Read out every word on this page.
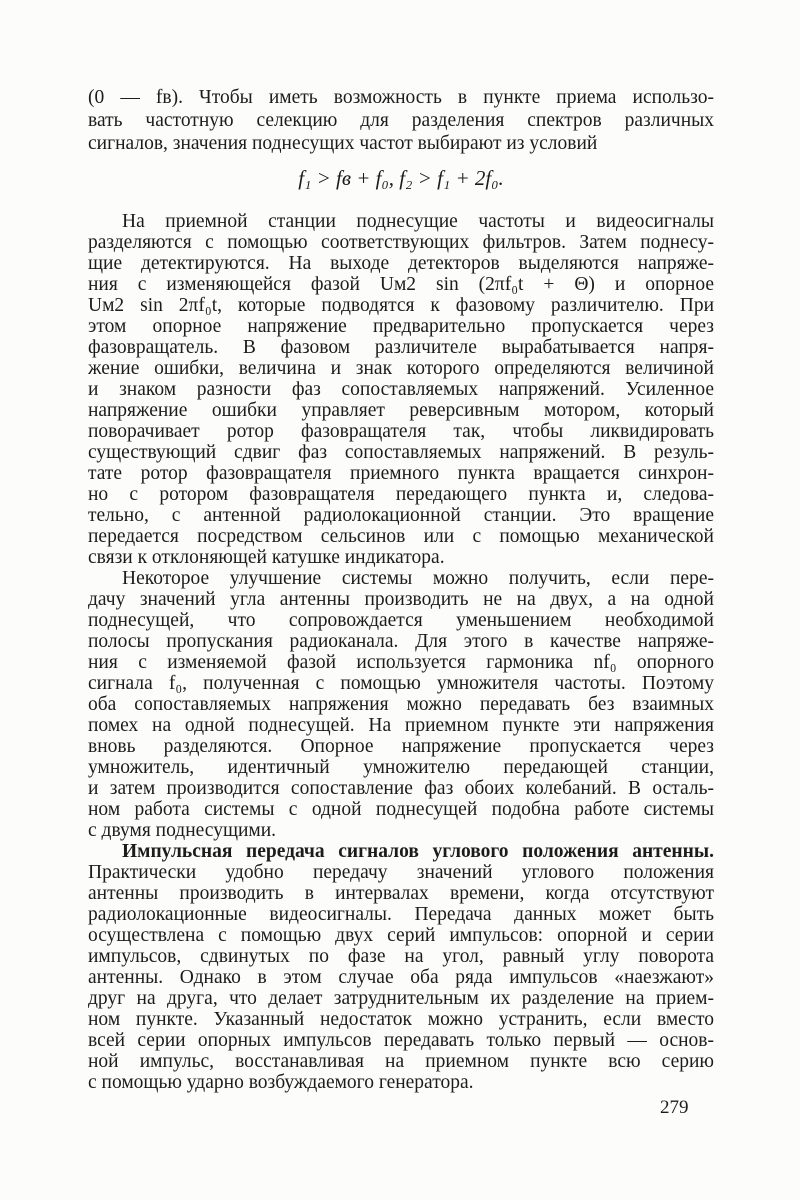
(0 — fв). Чтобы иметь возможность в пункте приема использо-
вать частотную селекцию для разделения спектров различных
сигналов, значения поднесущих частот выбирают из условий
f₁ > fв + f₀, f₂ > f₁ + 2f₀.
На приемной станции поднесущие частоты и видеосигналы
разделяются с помощью соответствующих фильтров. Затем поднесу-
щие детектируются. На выходе детекторов выделяются напряже-
ния с изменяющейся фазой Uм2 sin (2πf₀t + Θ) и опорное
Uм2 sin 2πf₀t, которые подводятся к фазовому различителю. При
этом опорное напряжение предварительно пропускается через
фазовращатель. В фазовом различителе вырабатывается напря-
жение ошибки, величина и знак которого определяются величиной
и знаком разности фаз сопоставляемых напряжений. Усиленное
напряжение ошибки управляет реверсивным мотором, который
поворачивает ротор фазовращателя так, чтобы ликвидировать
существующий сдвиг фаз сопоставляемых напряжений. В резуль-
тате ротор фазовращателя приемного пункта вращается синхрон-
но с ротором фазовращателя передающего пункта и, следова-
тельно, с антенной радиолокационной станции. Это вращение
передается посредством сельсинов или с помощью механической
связи к отклоняющей катушке индикатора.
Некоторое улучшение системы можно получить, если пере-
дачу значений угла антенны производить не на двух, а на одной
поднесущей, что сопровождается уменьшением необходимой
полосы пропускания радиоканала. Для этого в качестве напряже-
ния с изменяемой фазой используется гармоника nf₀ опорного
сигнала f₀, полученная с помощью умножителя частоты. Поэтому
оба сопоставляемых напряжения можно передавать без взаимных
помех на одной поднесущей. На приемном пункте эти напряжения
вновь разделяются. Опорное напряжение пропускается через
умножитель, идентичный умножителю передающей станции,
и затем производится сопоставление фаз обоих колебаний. В осталь-
ном работа системы с одной поднесущей подобна работе системы
с двумя поднесущими.
Импульсная передача сигналов углового положения антенны.
Практически удобно передачу значений углового положения
антенны производить в интервалах времени, когда отсутствуют
радиолокационные видеосигналы. Передача данных может быть
осуществлена с помощью двух серий импульсов: опорной и серии
импульсов, сдвинутых по фазе на угол, равный углу поворота
антенны. Однако в этом случае оба ряда импульсов «наезжают»
друг на друга, что делает затруднительным их разделение на прием-
ном пункте. Указанный недостаток можно устранить, если вместо
всей серии опорных импульсов передавать только первый — основ-
ной импульс, восстанавливая на приемном пункте всю серию
с помощью ударно возбуждаемого генератора.
279
